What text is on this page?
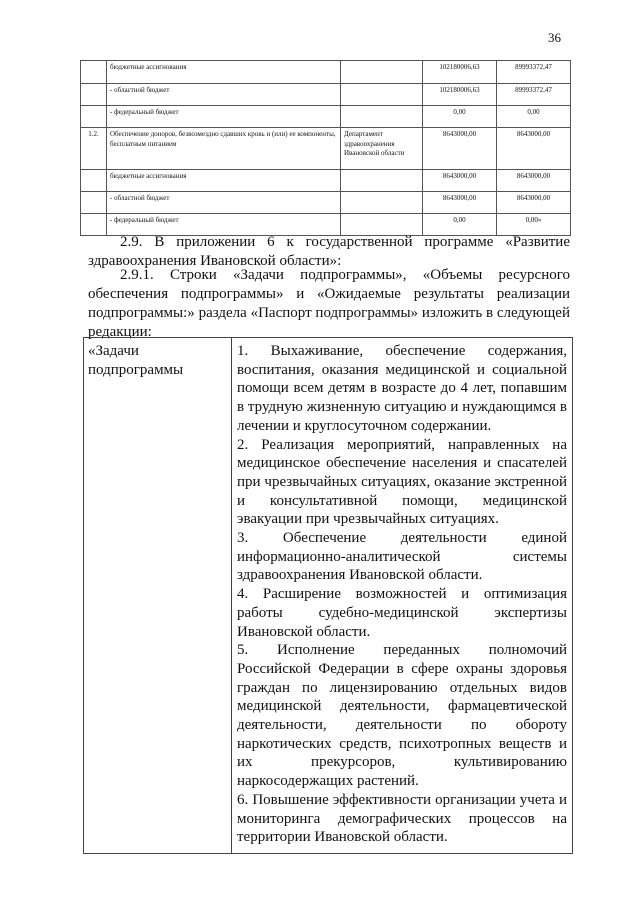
36
	бюджетные ассигнования		102180006,63	89993372,47
	- областной бюджет		102180006,63	89993372,47
	- федеральный бюджет		0,00	0,00
1.2.	Обеспечение доноров, безвозмездно сдавших кровь и (или) ее компоненты, бесплатным питанием	Департамент здравоохранения Ивановской области	8643000,00	8643000,00
	бюджетные ассигнования		8643000,00	8643000,00
	- областной бюджет		8643000,00	8643000,00
	- федеральный бюджет		0,00	0,00»
2.9. В приложении 6 к государственной программе «Развитие
здравоохранения Ивановской области»:
2.9.1. Строки «Задачи подпрограммы», «Объемы ресурсного
обеспечения подпрограммы» и «Ожидаемые результаты реализации
подпрограммы:» раздела «Паспорт подпрограммы» изложить в следующей
редакции:
«Задачи подпрограммы	
1. Выхаживание, обеспечение содержания, воспитания, оказания медицинской и социальной помощи всем детям в возрасте до 4 лет, попавшим в трудную жизненную ситуацию и нуждающимся в лечении и круглосуточном содержании.
2. Реализация мероприятий, направленных на медицинское обеспечение населения и спасателей при чрезвычайных ситуациях, оказание экстренной и консультативной помощи, медицинской эвакуации при чрезвычайных ситуациях.
3. Обеспечение деятельности единой информационно-аналитической системы здравоохранения Ивановской области.
4. Расширение возможностей и оптимизация работы судебно-медицинской экспертизы Ивановской области.
5. Исполнение переданных полномочий Российской Федерации в сфере охраны здоровья граждан по лицензированию отдельных видов медицинской деятельности, фармацевтической деятельности, деятельности по обороту наркотических средств, психотропных веществ и их прекурсоров, культивированию наркосодержащих растений.
6. Повышение эффективности организации учета и мониторинга демографических процессов на территории Ивановской области.
